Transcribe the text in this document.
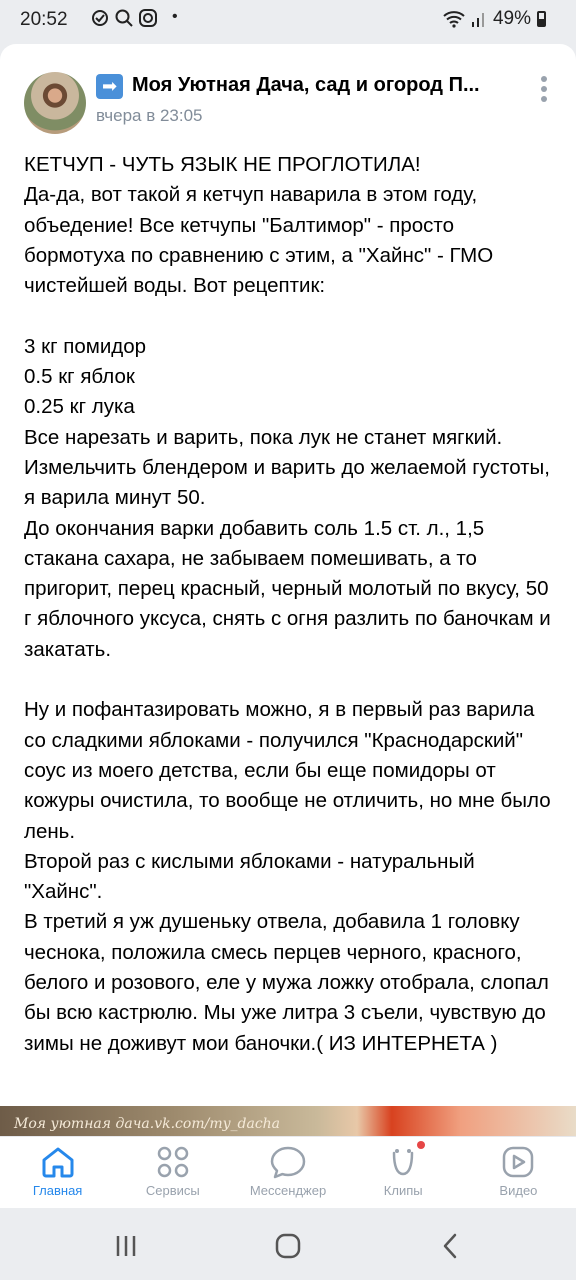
20:52	•	49%
➡ Моя Уютная Дача, сад и огород П...
вчера в 23:05

КЕТЧУП - ЧУТЬ ЯЗЫК НЕ ПРОГЛОТИЛА!

Да-да, вот такой я кетчуп наварила в этом году, объедение! Все кетчупы "Балтимор" - просто бормотуха по сравнению с этим, а "Хайнс" - ГМО чистейшей воды. Вот рецептик:

3 кг помидор

0.5 кг яблок

0.25 кг лука

Все нарезать и варить, пока лук не станет мягкий. Измельчить блендером и варить до желаемой густоты, я варила минут 50.

До окончания варки добавить соль 1.5 ст. л., 1,5 стакана сахара, не забываем помешивать, а то пригорит, перец красный, черный молотый по вкусу, 50 г яблочного уксуса, снять с огня разлить по баночкам и закатать.

Ну и пофантазировать можно, я в первый раз варила со сладкими яблоками - получился "Краснодарский" соус из моего детства, если бы еще помидоры от кожуры очистила, то вообще не отличить, но мне было лень.

Второй раз с кислыми яблоками - натуральный "Хайнс".

В третий я уж душеньку отвела, добавила 1 головку чеснока, положила смесь перцев черного, красного, белого и розового, еле у мужа ложку отобрала, слопал бы всю кастрюлю. Мы уже литра 3 съели, чувствую до зимы не доживут мои баночки.( ИЗ ИНТЕРНЕТА )

Моя уютная дача.vk.com/my_dacha
Главная	Сервисы	Мессенджер	Клипы	Видео
